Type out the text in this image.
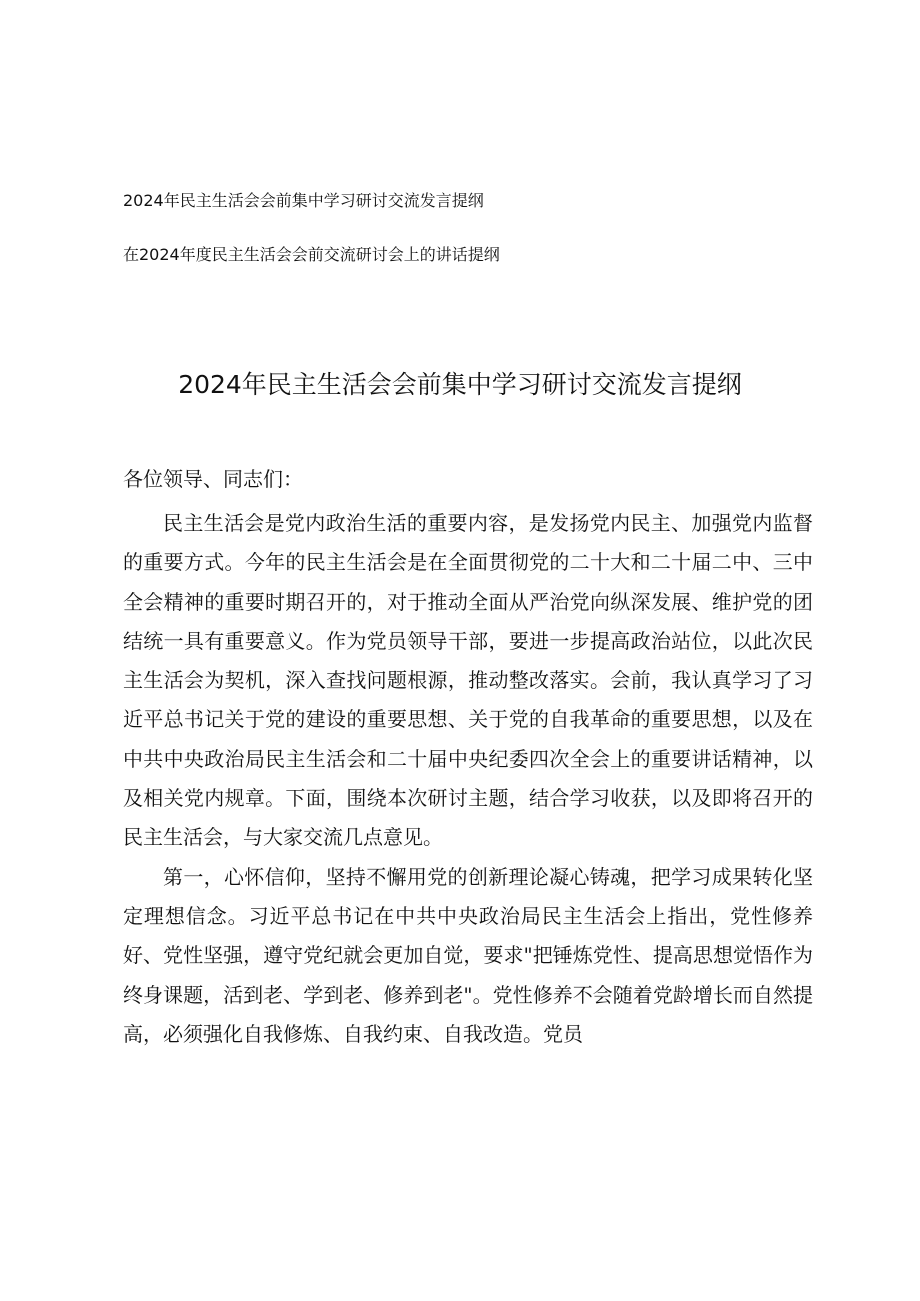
2024年民主生活会会前集中学习研讨交流发言提纲
在2024年度民主生活会会前交流研讨会上的讲话提纲
2024年民主生活会会前集中学习研讨交流发言提纲
各位领导、同志们：

民主生活会是党内政治生活的重要内容，是发扬党内民主、加强党内监督的重要方式。今年的民主生活会是在全面贯彻党的二十大和二十届二中、三中全会精神的重要时期召开的，对于推动全面从严治党向纵深发展、维护党的团结统一具有重要意义。作为党员领导干部，要进一步提高政治站位，以此次民主生活会为契机，深入查找问题根源，推动整改落实。会前，我认真学习了习近平总书记关于党的建设的重要思想、关于党的自我革命的重要思想，以及在中共中央政治局民主生活会和二十届中央纪委四次全会上的重要讲话精神，以及相关党内规章。下面，围绕本次研讨主题，结合学习收获，以及即将召开的民主生活会，与大家交流几点意见。

第一，心怀信仰，坚持不懈用党的创新理论凝心铸魂，把学习成果转化坚定理想信念。习近平总书记在中共中央政治局民主生活会上指出，党性修养好、党性坚强，遵守党纪就会更加自觉，要求"把锤炼党性、提高思想觉悟作为终身课题，活到老、学到老、修养到老"。党性修养不会随着党龄增长而自然提高，必须强化自我修炼、自我约束、自我改造。党员
